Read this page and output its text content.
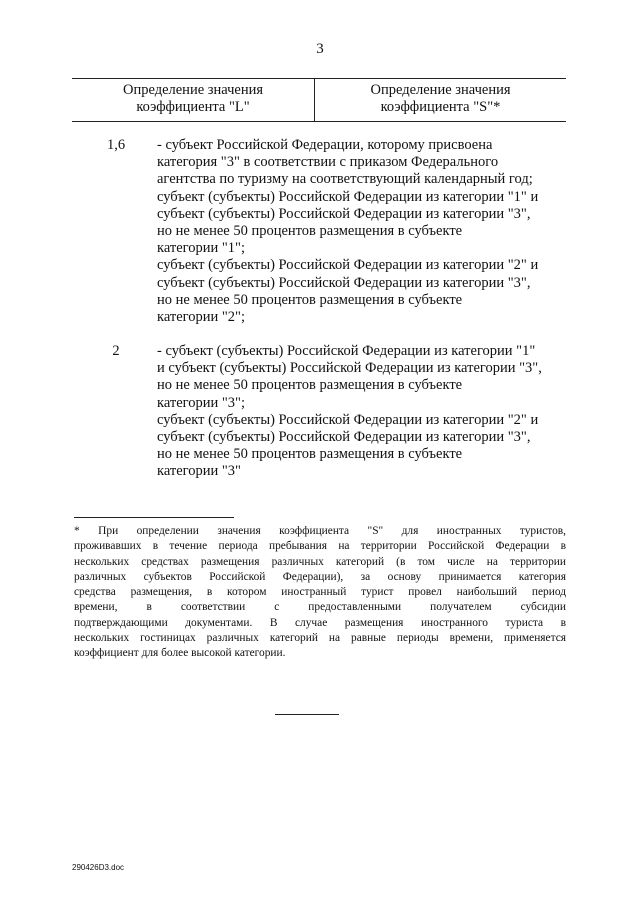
3
Определение значения
коэффициента "L"
Определение значения
коэффициента "S"*
1,6	- субъект Российской Федерации, которому присвоена
категория "3" в соответствии с приказом Федерального
агентства по туризму на соответствующий календарный год;
субъект (субъекты) Российской Федерации из категории "1" и
субъект (субъекты) Российской Федерации из категории "3",
но не менее 50 процентов размещения в субъекте
категории "1";
субъект (субъекты) Российской Федерации из категории "2" и
субъект (субъекты) Российской Федерации из категории "3",
но не менее 50 процентов размещения в субъекте
категории "2";
2	- субъект (субъекты) Российской Федерации из категории "1"
и субъект (субъекты) Российской Федерации из категории "3",
но не менее 50 процентов размещения в субъекте
категории "3";
субъект (субъекты) Российской Федерации из категории "2" и
субъект (субъекты) Российской Федерации из категории "3",
но не менее 50 процентов размещения в субъекте
категории "3"
* При определении значения коэффициента "S" для иностранных туристов,
проживавших в течение периода пребывания на территории Российской Федерации в
нескольких средствах размещения различных категорий (в том числе на территории
различных субъектов Российской Федерации), за основу принимается категория
средства размещения, в котором иностранный турист провел наибольший период
времени, в соответствии с предоставленными получателем субсидии
подтверждающими документами. В случае размещения иностранного туриста в
нескольких гостиницах различных категорий на равные периоды времени, применяется
коэффициент для более высокой категории.
290426D3.doc
